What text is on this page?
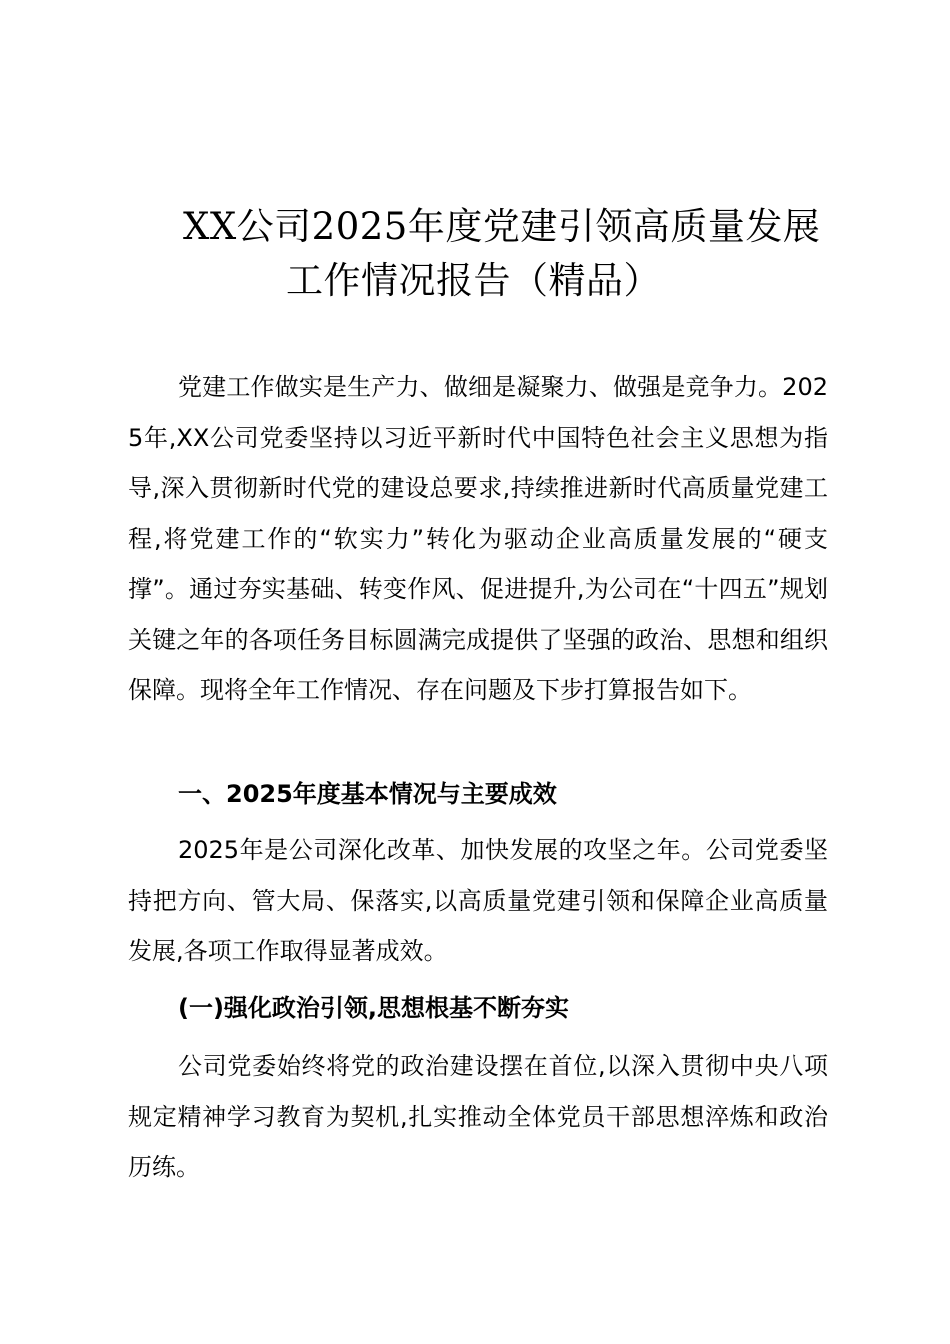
XX公司2025年度党建引领高质量发展
工作情况报告（精品）

党建工作做实是生产力、做细是凝聚力、做强是竞争力。2025年,XX公司党委坚持以习近平新时代中国特色社会主义思想为指导,深入贯彻新时代党的建设总要求,持续推进新时代高质量党建工程,将党建工作的“软实力”转化为驱动企业高质量发展的“硬支撑”。通过夯实基础、转变作风、促进提升,为公司在“十四五”规划关键之年的各项任务目标圆满完成提供了坚强的政治、思想和组织保障。现将全年工作情况、存在问题及下步打算报告如下。

一、2025年度基本情况与主要成效

2025年是公司深化改革、加快发展的攻坚之年。公司党委坚持把方向、管大局、保落实,以高质量党建引领和保障企业高质量发展,各项工作取得显著成效。

(一)强化政治引领,思想根基不断夯实

公司党委始终将党的政治建设摆在首位,以深入贯彻中央八项规定精神学习教育为契机,扎实推动全体党员干部思想淬炼和政治历练。
